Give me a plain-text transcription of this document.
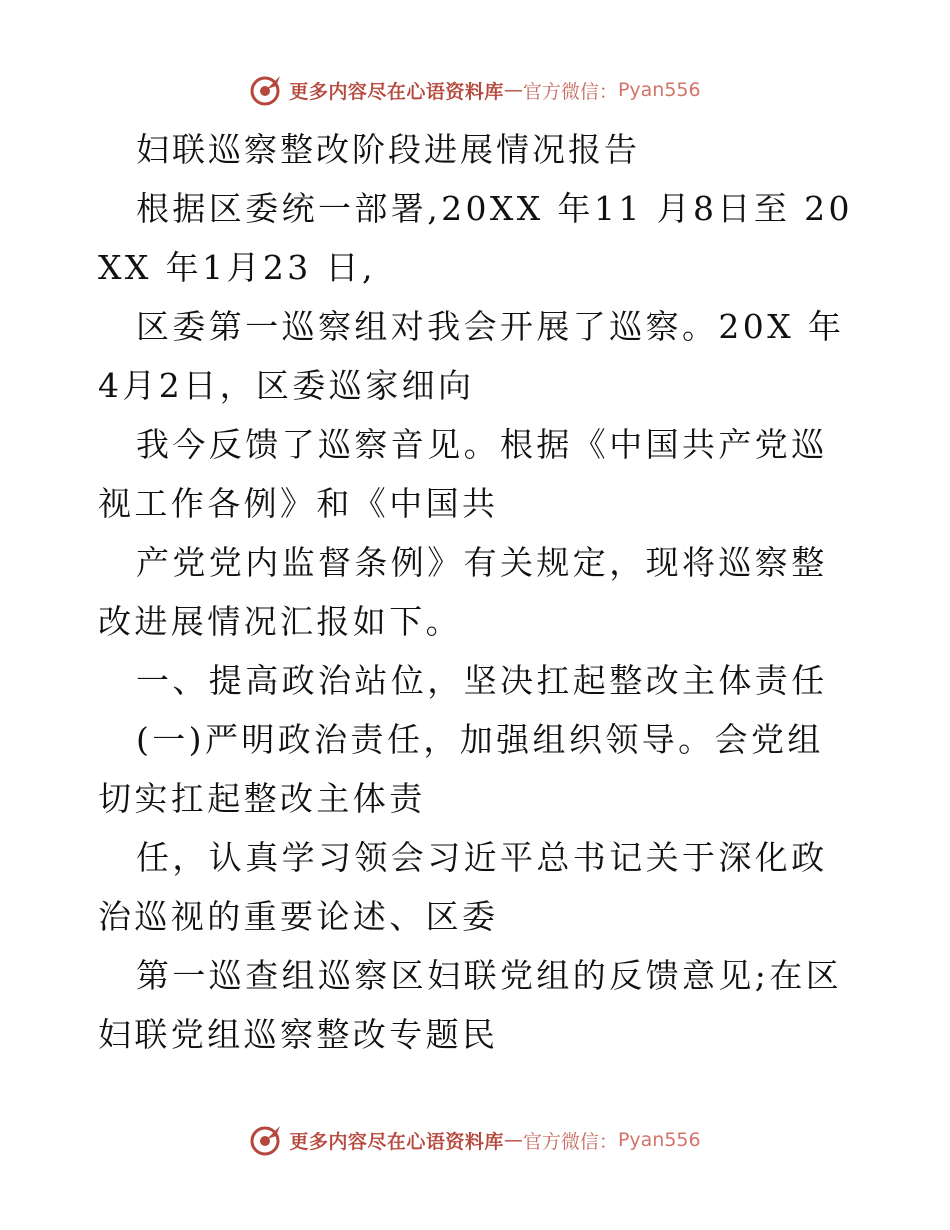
更多内容尽在心语资料库 — 官方微信： Pyan556

妇联巡察整改阶段进展情况报告

根据区委统一部署,20XX 年11 月8日至 20XX 年1月23 日,

区委第一巡察组对我会开展了巡察。20X 年4月2日，区委巡家细向

我今反馈了巡察音见。根据《中国共产党巡视工作各例》和《中国共

产党党内监督条例》有关规定，现将巡察整改进展情况汇报如下。

一、提高政治站位，坚决扛起整改主体责任

(一)严明政治责任，加强组织领导。会党组切实扛起整改主体责

任，认真学习领会习近平总书记关于深化政治巡视的重要论述、区委

第一巡查组巡察区妇联党组的反馈意见;在区妇联党组巡察整改专题民

更多内容尽在心语资料库 — 官方微信： Pyan556
